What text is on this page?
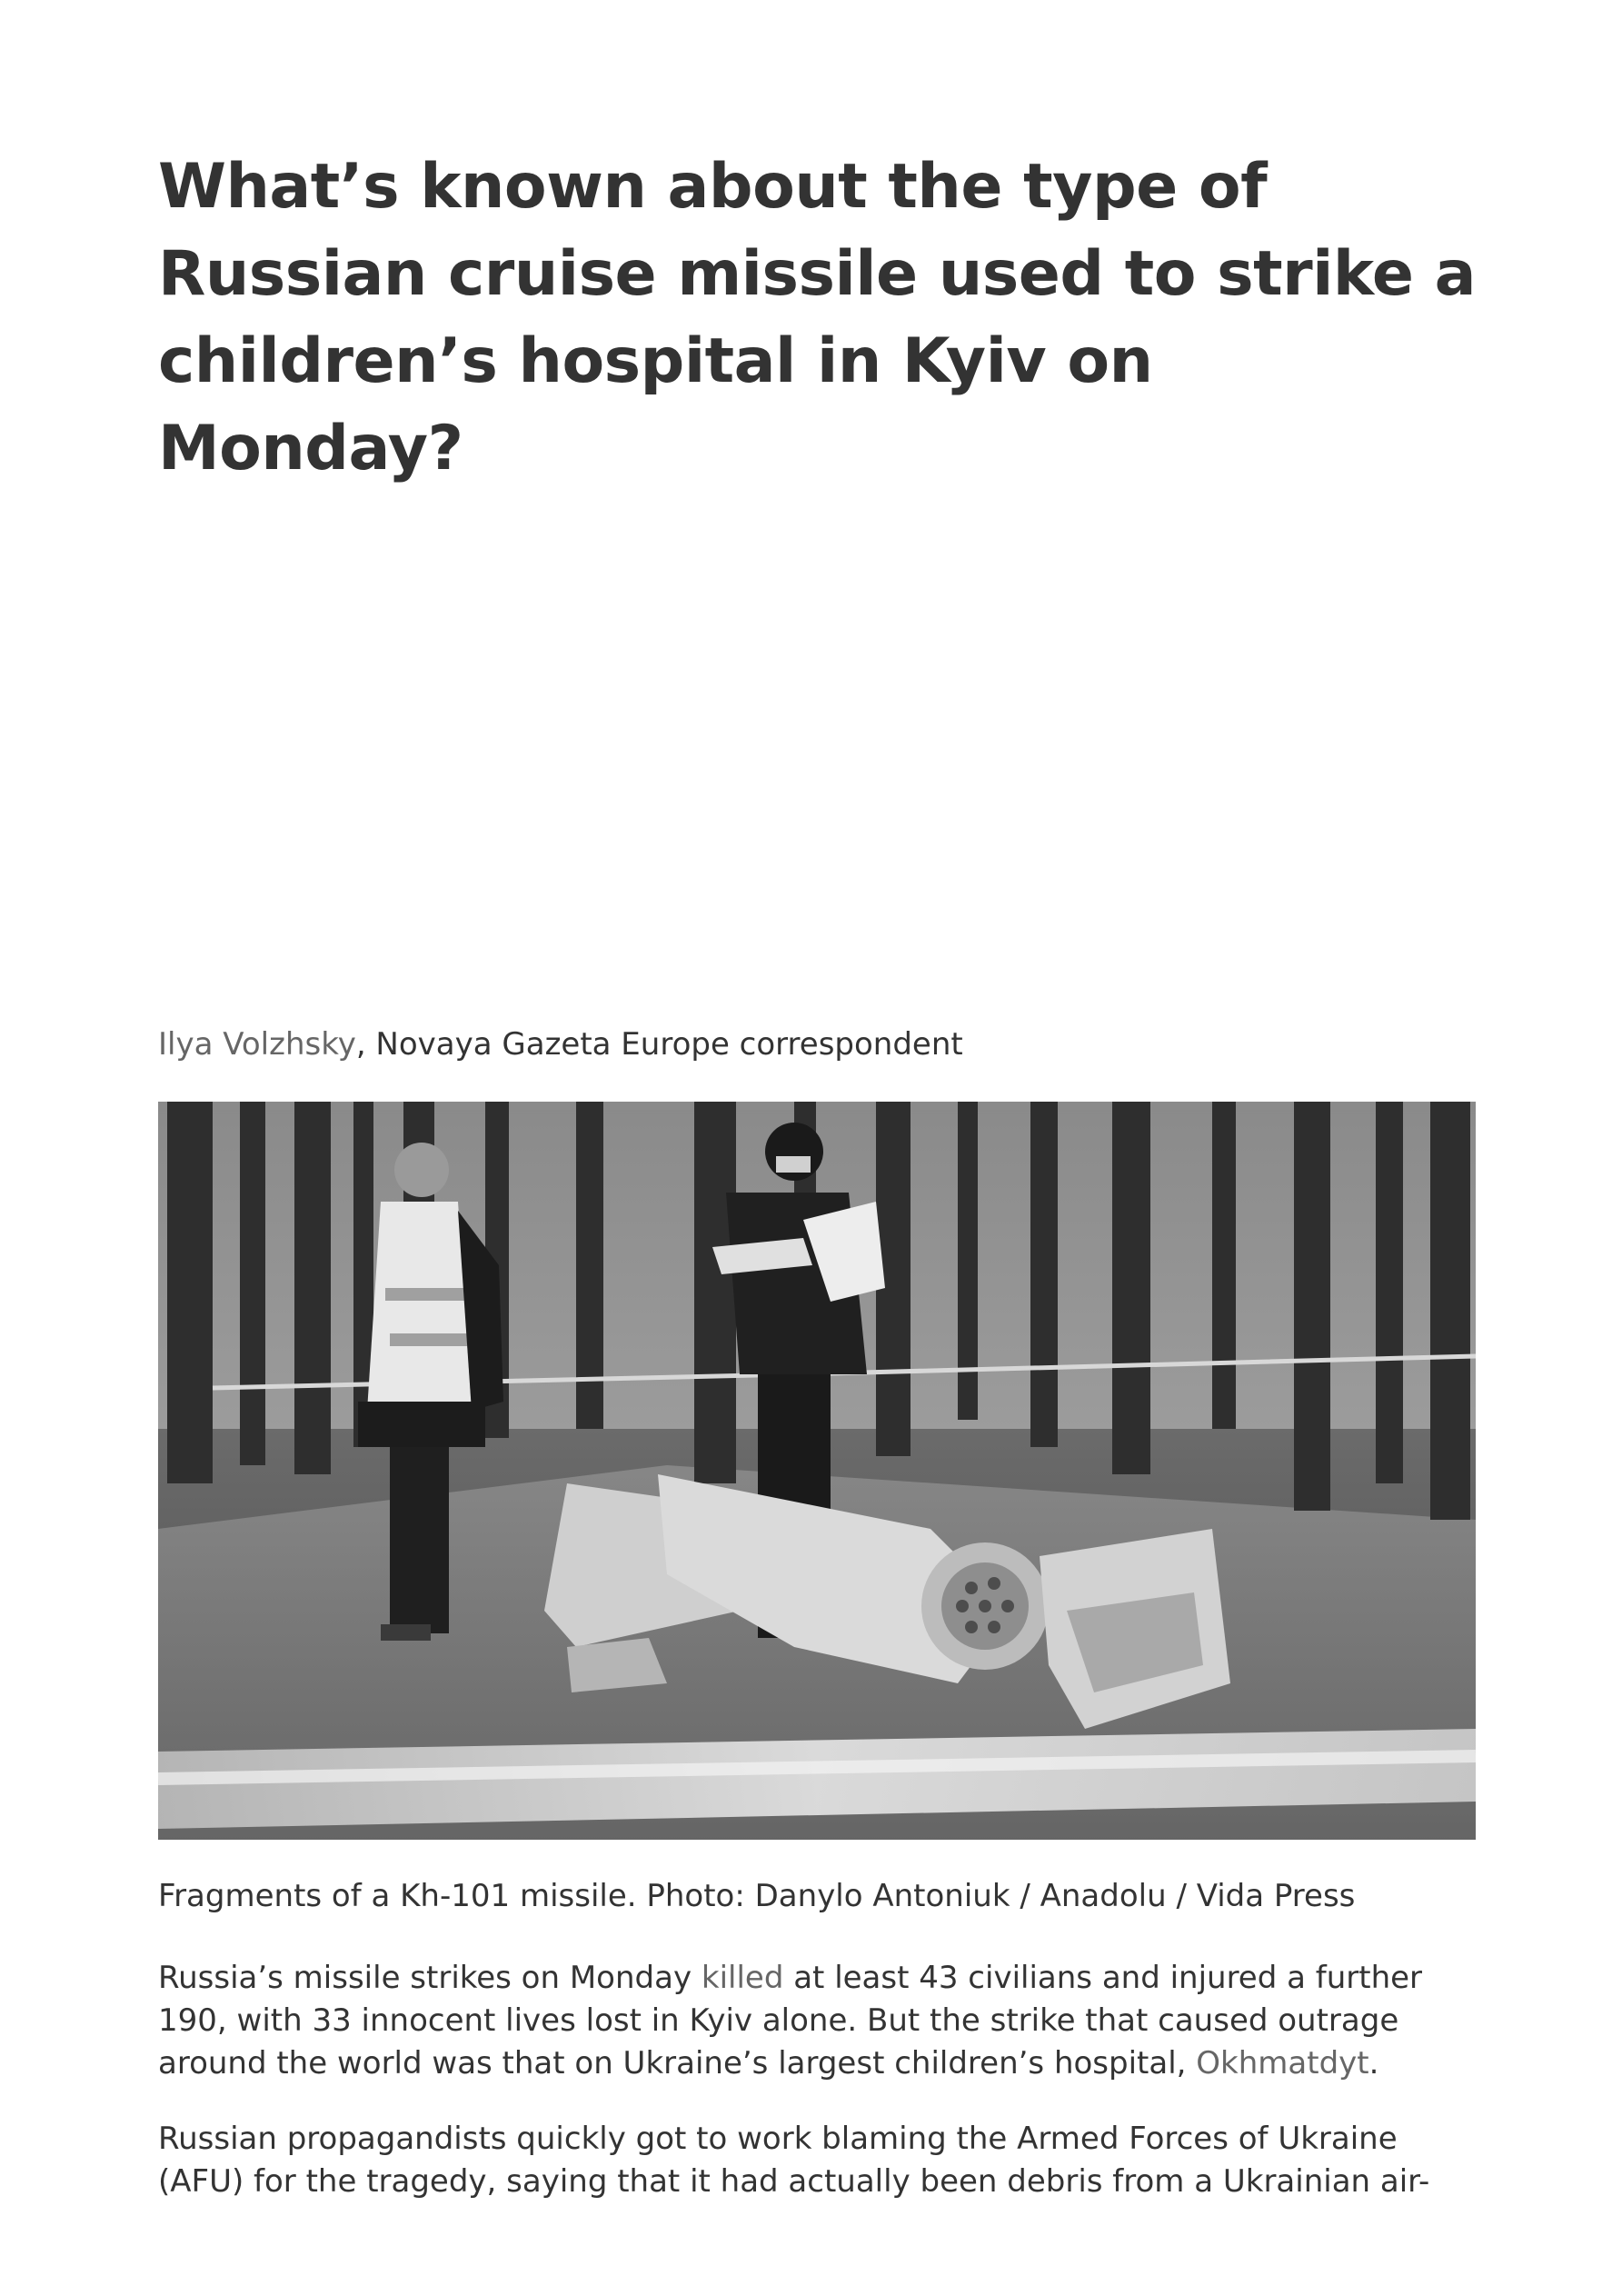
What’s known about the type of Russian cruise missile used to strike a children’s hospital in Kyiv on Monday?
Ilya Volzhsky, Novaya Gazeta Europe correspondent
Fragments of a Kh-101 missile. Photo: Danylo Antoniuk / Anadolu / Vida Press

Russia’s missile strikes on Monday killed at least 43 civilians and injured a further 190, with 33 innocent lives lost in Kyiv alone. But the strike that caused outrage around the world was that on Ukraine’s largest children’s hospital, Okhmatdyt.

Russian propagandists quickly got to work blaming the Armed Forces of Ukraine (AFU) for the tragedy, saying that it had actually been debris from a Ukrainian air-
